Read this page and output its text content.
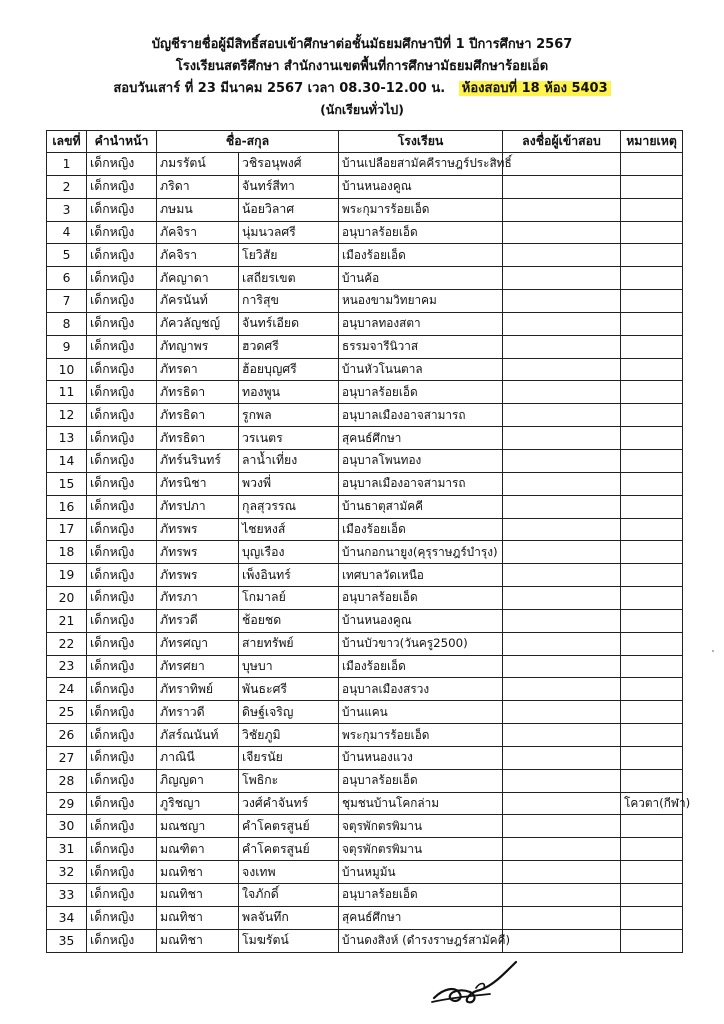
บัญชีรายชื่อผู้มีสิทธิ์สอบเข้าศึกษาต่อชั้นมัธยมศึกษาปีที่ 1 ปีการศึกษา 2567
โรงเรียนสตรีศึกษา สำนักงานเขตพื้นที่การศึกษามัธยมศึกษาร้อยเอ็ด
สอบวันเสาร์ ที่ 23 มีนาคม 2567 เวลา 08.30-12.00 น. ห้องสอบที่ 18 ห้อง 5403
(นักเรียนทั่วไป)
เลขที่	คำนำหน้า	ชื่อ-สกุล		โรงเรียน	ลงชื่อผู้เข้าสอบ	หมายเหตุ
1	เด็กหญิง	ภมรรัตน์	วชิรอนุพงศ์	บ้านเปลือยสามัคคีราษฎร์ประสิทธิ์		
2	เด็กหญิง	ภริดา	จันทร์สีทา	บ้านหนองคูณ		
3	เด็กหญิง	ภษมน	น้อยวิลาศ	พระกุมารร้อยเอ็ด		
4	เด็กหญิง	ภัคจิรา	นุ่มนวลศรี	อนุบาลร้อยเอ็ด		
5	เด็กหญิง	ภัคจิรา	โยวิสัย	เมืองร้อยเอ็ด		
6	เด็กหญิง	ภัคญาดา	เสถียรเขต	บ้านค้อ		
7	เด็กหญิง	ภัครนันท์	การิสุข	หนองขามวิทยาคม		
8	เด็กหญิง	ภัควลัญชญ์	จันทร์เอียด	อนุบาลทองสตา		
9	เด็กหญิง	ภัทญาพร	ฮวดศรี	ธรรมจารีนิวาส		
10	เด็กหญิง	ภัทรดา	ฮ้อยบุญศรี	บ้านหัวโนนตาล		
11	เด็กหญิง	ภัทรธิดา	ทองพูน	อนุบาลร้อยเอ็ด		
12	เด็กหญิง	ภัทรธิดา	รูกพล	อนุบาลเมืองอาจสามารถ		
13	เด็กหญิง	ภัทรธิดา	วรเนตร	สุคนธ์ศึกษา		
14	เด็กหญิง	ภัทร์นรินทร์	ลาน้ำเที่ยง	อนุบาลโพนทอง		
15	เด็กหญิง	ภัทรนิชา	พวงพี่	อนุบาลเมืองอาจสามารถ		
16	เด็กหญิง	ภัทรปภา	กุลสุวรรณ	บ้านธาตุสามัคคี		
17	เด็กหญิง	ภัทรพร	ไชยหงส์	เมืองร้อยเอ็ด		
18	เด็กหญิง	ภัทรพร	บุญเรือง	บ้านกอกนายูง(คุรุราษฎร์บำรุง)		
19	เด็กหญิง	ภัทรพร	เพ็งอินทร์	เทศบาลวัดเหนือ		
20	เด็กหญิง	ภัทรภา	โกมาลย์	อนุบาลร้อยเอ็ด		
21	เด็กหญิง	ภัทรวดี	ช้อยชด	บ้านหนองคูณ		
22	เด็กหญิง	ภัทรศญา	สายทรัพย์	บ้านบัวขาว(วันครู2500)		
23	เด็กหญิง	ภัทรศยา	บุษบา	เมืองร้อยเอ็ด		
24	เด็กหญิง	ภัทราทิพย์	พันธะศรี	อนุบาลเมืองสรวง		
25	เด็กหญิง	ภัทราวดี	ดิษฐ์เจริญ	บ้านแคน		
26	เด็กหญิง	ภัสร์ณนันท์	วิชัยภูมิ	พระกุมารร้อยเอ็ด		
27	เด็กหญิง	ภาณินี	เจียรนัย	บ้านหนองแวง		
28	เด็กหญิง	ภิญญดา	โพธิกะ	อนุบาลร้อยเอ็ด		
29	เด็กหญิง	ภูริชญา	วงศ์คำจันทร์	ชุมชนบ้านโคกล่าม		โควตา(กีฬา)
30	เด็กหญิง	มณชญา	คำโคตรสูนย์	จตุรพักตรพิมาน		
31	เด็กหญิง	มณฑิตา	คำโคตรสูนย์	จตุรพักตรพิมาน		
32	เด็กหญิง	มณทิชา	จงเทพ	บ้านหมูม้น		
33	เด็กหญิง	มณทิชา	ใจภักดิ์	อนุบาลร้อยเอ็ด		
34	เด็กหญิง	มณทิชา	พลจันทึก	สุคนธ์ศึกษา		
35	เด็กหญิง	มณทิชา	โมฆรัตน์	บ้านดงสิงห์ (ดำรงราษฎร์สามัคคี)		
